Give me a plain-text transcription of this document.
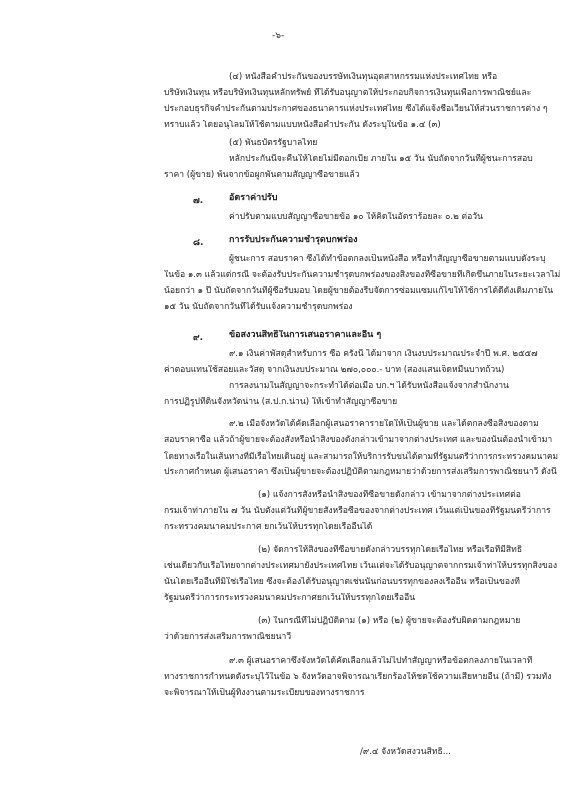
-๖-
(๔) หนังสือค้ำประกันของบรรษัทเงินทุนอุตสาหกรรมแห่งประเทศไทย หรือ
บริษัทเงินทุน หรือบริษัทเงินทุนหลักทรัพย์ ที่ได้รับอนุญาตให้ประกอบกิจการเงินทุนเพื่อการพาณิชย์และ
ประกอบธุรกิจค้ำประกันตามประกาศของธนาคารแห่งประเทศไทย ซึ่งได้แจ้งชื่อเวียนให้ส่วนราชการต่าง ๆ
ทราบแล้ว โดยอนุโลมให้ใช้ตามแบบหนังสือค้ำประกัน ดังระบุในข้อ ๑.๔ (๓)
(๕) พันธบัตรรัฐบาลไทย
หลักประกันนี้จะคืนให้โดยไม่มีดอกเบี้ย ภายใน ๑๕ วัน นับถัดจากวันที่ผู้ชนะการสอบ
ราคา (ผู้ขาย) พ้นจากข้อผูกพันตามสัญญาซื้อขายแล้ว
๗.	อัตราค่าปรับ
ค่าปรับตามแบบสัญญาซื้อขายข้อ ๑๐ ให้คิดในอัตราร้อยละ ๐.๒ ต่อวัน
๘.	การรับประกันความชำรุดบกพร่อง
ผู้ชนะการ สอบราคา ซึ่งได้ทำข้อตกลงเป็นหนังสือ หรือทำสัญญาซื้อขายตามแบบดังระบุ
ในข้อ ๑.๓ แล้วแต่กรณี จะต้องรับประกันความชำรุดบกพร่องของสิ่งของที่ซื้อขายที่เกิดขึ้นภายในระยะเวลาไม่
น้อยกว่า ๑ ปี นับถัดจากวันที่ผู้ซื้อรับมอบ โดยผู้ขายต้องรีบจัดการซ่อมแซมแก้ไขให้ใช้การได้ดีดังเดิมภายใน
๑๕ วัน นับถัดจากวันที่ได้รับแจ้งความชำรุดบกพร่อง
๙.	ข้อสงวนสิทธิในการเสนอราคาและอื่น ๆ
๙.๑ เงินค่าพัสดุสำหรับการ ซื้อ ครั้งนี้ ได้มาจาก เงินงบประมาณประจำปี พ.ศ. ๒๕๕๗
ค่าตอบแทนใช้สอยและวัสดุ จากเงินงบประมาณ ๒๗๐,๐๐๐.- บาท (สองแสนเจ็ดหมื่นบาทถ้วน)
การลงนามในสัญญาจะกระทำได้ต่อเมื่อ บก.ฯ ได้รับหนังสือแจ้งจากสำนักงาน
การปฏิรูปที่ดินจังหวัดน่าน (ส.ป.ก.น่าน) ให้เข้าทำสัญญาซื้อขาย
๙.๒ เมื่อจังหวัดได้คัดเลือกผู้เสนอราคารายใดให้เป็นผู้ขาย และได้ตกลงซื้อสิ่งของตาม
สอบราคาซื้อ แล้วถ้าผู้ขายจะต้องสั่งหรือนำสิ่งของดังกล่าวเข้ามาจากต่างประเทศ และของนั้นต้องนำเข้ามา
โดยทางเรือในเส้นทางที่มีเรือไทยเดินอยู่ และสามารถให้บริการรับขนได้ตามที่รัฐมนตรีว่าการกระทรวงคมนาคม
ประกาศกำหนด ผู้เสนอราคา ซึ่งเป็นผู้ขายจะต้องปฏิบัติตามกฎหมายว่าด้วยการส่งเสริมการพาณิชยนาวี ดังนี้
(๑) แจ้งการสั่งหรือนำสิ่งของที่ซื้อขายดังกล่าว เข้ามาจากต่างประเทศต่อ
กรมเจ้าท่าภายใน ๗ วัน นับตั้งแต่วันที่ผู้ขายสั่งหรือซื้อของจากต่างประเทศ เว้นแต่เป็นของที่รัฐมนตรีว่าการ
กระทรวงคมนาคมประกาศ ยกเว้นให้บรรทุกโดยเรืออื่นได้
(๒) จัดการให้สิ่งของที่ซื้อขายดังกล่าวบรรทุกโดยเรือไทย หรือเรือที่มีสิทธิ
เช่นเดียวกับเรือไทยจากต่างประเทศมายังประเทศไทย เว้นแต่จะได้รับอนุญาตจากกรมเจ้าท่าให้บรรทุกสิ่งของ
นั้นโดยเรืออื่นที่มิใช่เรือไทย ซึ่งจะต้องได้รับอนุญาตเช่นนั้นก่อนบรรทุกของลงเรืออื่น หรือเป็นของที่
รัฐมนตรีว่าการกระทรวงคมนาคมประกาศยกเว้นให้บรรทุกโดยเรืออื่น
(๓) ในกรณีที่ไม่ปฏิบัติตาม (๑) หรือ (๒) ผู้ขายจะต้องรับผิดตามกฎหมาย
ว่าด้วยการส่งเสริมการพาณิชยนาวี
๙.๓ ผู้เสนอราคาซึ่งจังหวัดได้คัดเลือกแล้วไม่ไปทำสัญญาหรือข้อตกลงภายในเวลาที่
ทางราชการกำหนดดังระบุไว้ในข้อ ๖ จังหวัดอาจพิจารณาเรียกร้องให้ชดใช้ความเสียหายอื่น (ถ้ามี) รวมทั้ง
จะพิจารณาให้เป็นผู้ทิ้งงานตามระเบียบของทางราชการ
/๙.๔ จังหวัดสงวนสิทธิ...
